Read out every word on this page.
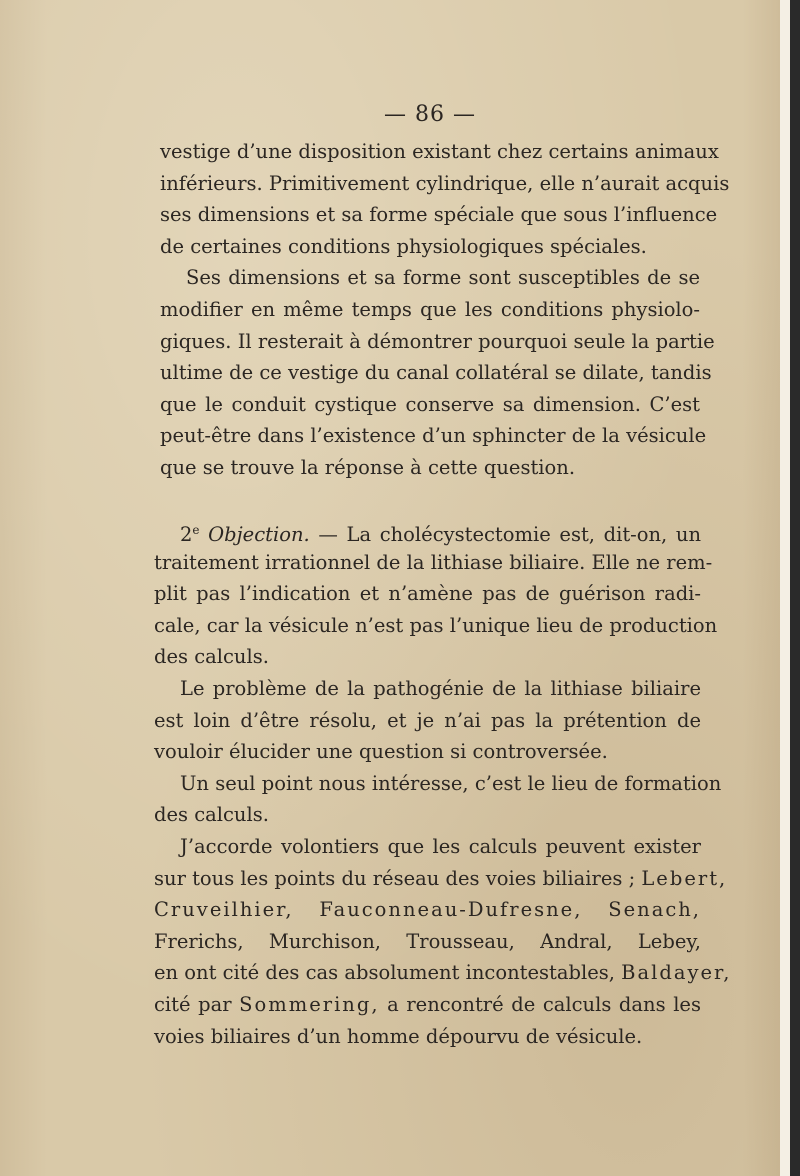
— 86 —
vestige d’une disposition existant chez certains animaux
inférieurs. Primitivement cylindrique, elle n’aurait acquis
ses dimensions et sa forme spéciale que sous l’influence
de certaines conditions physiologiques spéciales.
Ses dimensions et sa forme sont susceptibles de se
modifier en même temps que les conditions physiolo-
giques. Il resterait à démontrer pourquoi seule la partie
ultime de ce vestige du canal collatéral se dilate, tandis
que le conduit cystique conserve sa dimension. C’est
peut-être dans l’existence d’un sphincter de la vésicule
que se trouve la réponse à cette question.
2e Objection. — La cholécystectomie est, dit-on, un
traitement irrationnel de la lithiase biliaire. Elle ne rem-
plit pas l’indication et n’amène pas de guérison radi-
cale, car la vésicule n’est pas l’unique lieu de production
des calculs.
Le problème de la pathogénie de la lithiase biliaire
est loin d’être résolu, et je n’ai pas la prétention de
vouloir élucider une question si controversée.
Un seul point nous intéresse, c’est le lieu de formation
des calculs.
J’accorde volontiers que les calculs peuvent exister
sur tous les points du réseau des voies biliaires ; Lebert,
Cruveilhier, Fauconneau-Dufresne, Senach,
Frerichs, Murchison, Trousseau, Andral, Lebey,
en ont cité des cas absolument incontestables, Baldayer,
cité par Sommering, a rencontré de calculs dans les
voies biliaires d’un homme dépourvu de vésicule.
